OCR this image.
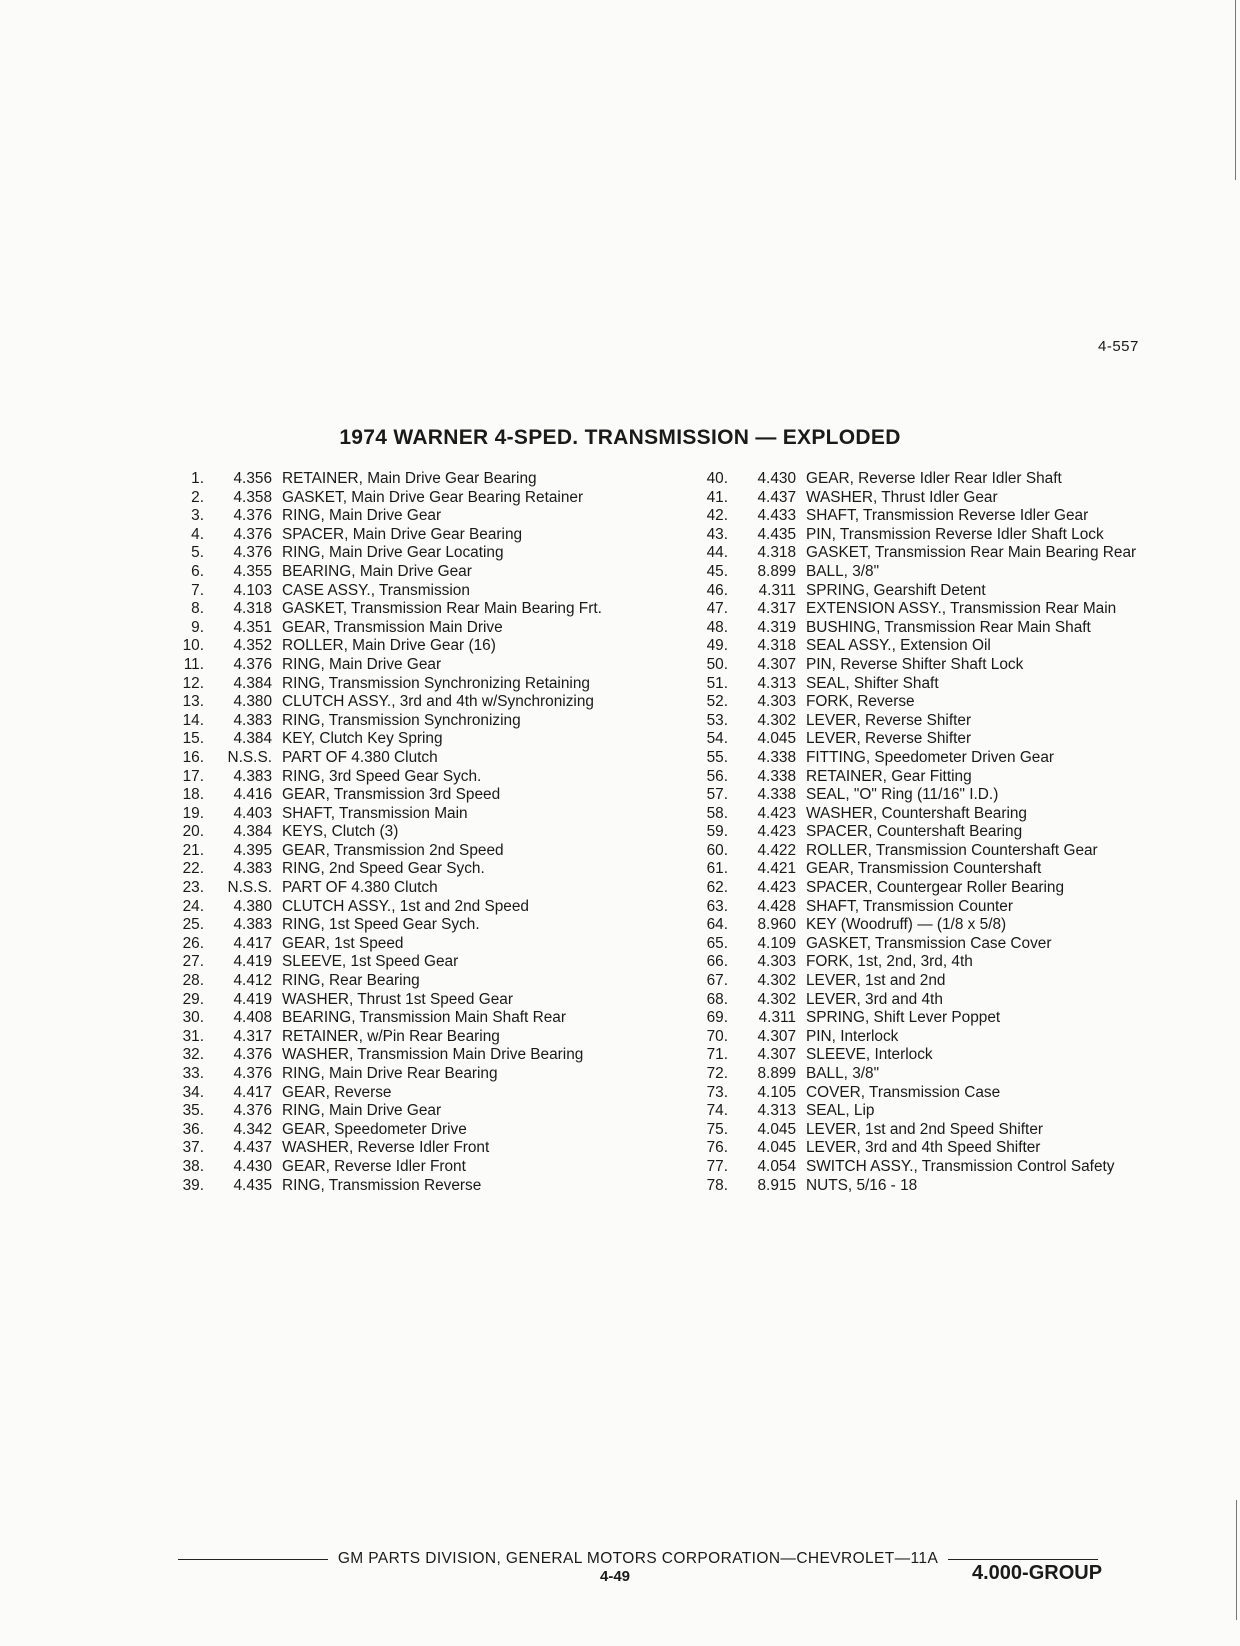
4-557
1974 WARNER 4-SPED. TRANSMISSION — EXPLODED
1.	4.356 RETAINER, Main Drive Gear Bearing
2.	4.358 GASKET, Main Drive Gear Bearing Retainer
3.	4.376 RING, Main Drive Gear
4.	4.376 SPACER, Main Drive Gear Bearing
5.	4.376 RING, Main Drive Gear Locating
6.	4.355 BEARING, Main Drive Gear
7.	4.103 CASE ASSY., Transmission
8.	4.318 GASKET, Transmission Rear Main Bearing Frt.
9.	4.351 GEAR, Transmission Main Drive
10.	4.352 ROLLER, Main Drive Gear (16)
11.	4.376 RING, Main Drive Gear
12.	4.384 RING, Transmission Synchronizing Retaining
13.	4.380 CLUTCH ASSY., 3rd and 4th w/Synchronizing
14.	4.383 RING, Transmission Synchronizing
15.	4.384 KEY, Clutch Key Spring
16.	N.S.S. PART OF 4.380 Clutch
17.	4.383 RING, 3rd Speed Gear Sych.
18.	4.416 GEAR, Transmission 3rd Speed
19.	4.403 SHAFT, Transmission Main
20.	4.384 KEYS, Clutch (3)
21.	4.395 GEAR, Transmission 2nd Speed
22.	4.383 RING, 2nd Speed Gear Sych.
23.	N.S.S. PART OF 4.380 Clutch
24.	4.380 CLUTCH ASSY., 1st and 2nd Speed
25.	4.383 RING, 1st Speed Gear Sych.
26.	4.417 GEAR, 1st Speed
27.	4.419 SLEEVE, 1st Speed Gear
28.	4.412 RING, Rear Bearing
29.	4.419 WASHER, Thrust 1st Speed Gear
30.	4.408 BEARING, Transmission Main Shaft Rear
31.	4.317 RETAINER, w/Pin Rear Bearing
32.	4.376 WASHER, Transmission Main Drive Bearing
33.	4.376 RING, Main Drive Rear Bearing
34.	4.417 GEAR, Reverse
35.	4.376 RING, Main Drive Gear
36.	4.342 GEAR, Speedometer Drive
37.	4.437 WASHER, Reverse Idler Front
38.	4.430 GEAR, Reverse Idler Front
39.	4.435 RING, Transmission Reverse
40.	4.430 GEAR, Reverse Idler Rear Idler Shaft
41.	4.437 WASHER, Thrust Idler Gear
42.	4.433 SHAFT, Transmission Reverse Idler Gear
43.	4.435 PIN, Transmission Reverse Idler Shaft Lock
44.	4.318 GASKET, Transmission Rear Main Bearing Rear
45.	8.899 BALL, 3/8"
46.	4.311 SPRING, Gearshift Detent
47.	4.317 EXTENSION ASSY., Transmission Rear Main
48.	4.319 BUSHING, Transmission Rear Main Shaft
49.	4.318 SEAL ASSY., Extension Oil
50.	4.307 PIN, Reverse Shifter Shaft Lock
51.	4.313 SEAL, Shifter Shaft
52.	4.303 FORK, Reverse
53.	4.302 LEVER, Reverse Shifter
54.	4.045 LEVER, Reverse Shifter
55.	4.338 FITTING, Speedometer Driven Gear
56.	4.338 RETAINER, Gear Fitting
57.	4.338 SEAL, "O" Ring (11/16" I.D.)
58.	4.423 WASHER, Countershaft Bearing
59.	4.423 SPACER, Countershaft Bearing
60.	4.422 ROLLER, Transmission Countershaft Gear
61.	4.421 GEAR, Transmission Countershaft
62.	4.423 SPACER, Countergear Roller Bearing
63.	4.428 SHAFT, Transmission Counter
64.	8.960 KEY (Woodruff) — (1/8 x 5/8)
65.	4.109 GASKET, Transmission Case Cover
66.	4.303 FORK, 1st, 2nd, 3rd, 4th
67.	4.302 LEVER, 1st and 2nd
68.	4.302 LEVER, 3rd and 4th
69.	4.311 SPRING, Shift Lever Poppet
70.	4.307 PIN, Interlock
71.	4.307 SLEEVE, Interlock
72.	8.899 BALL, 3/8"
73.	4.105 COVER, Transmission Case
74.	4.313 SEAL, Lip
75.	4.045 LEVER, 1st and 2nd Speed Shifter
76.	4.045 LEVER, 3rd and 4th Speed Shifter
77.	4.054 SWITCH ASSY., Transmission Control Safety
78.	8.915 NUTS, 5/16 - 18
GM PARTS DIVISION, GENERAL MOTORS CORPORATION—CHEVROLET—11A
4-49	4.000-GROUP
